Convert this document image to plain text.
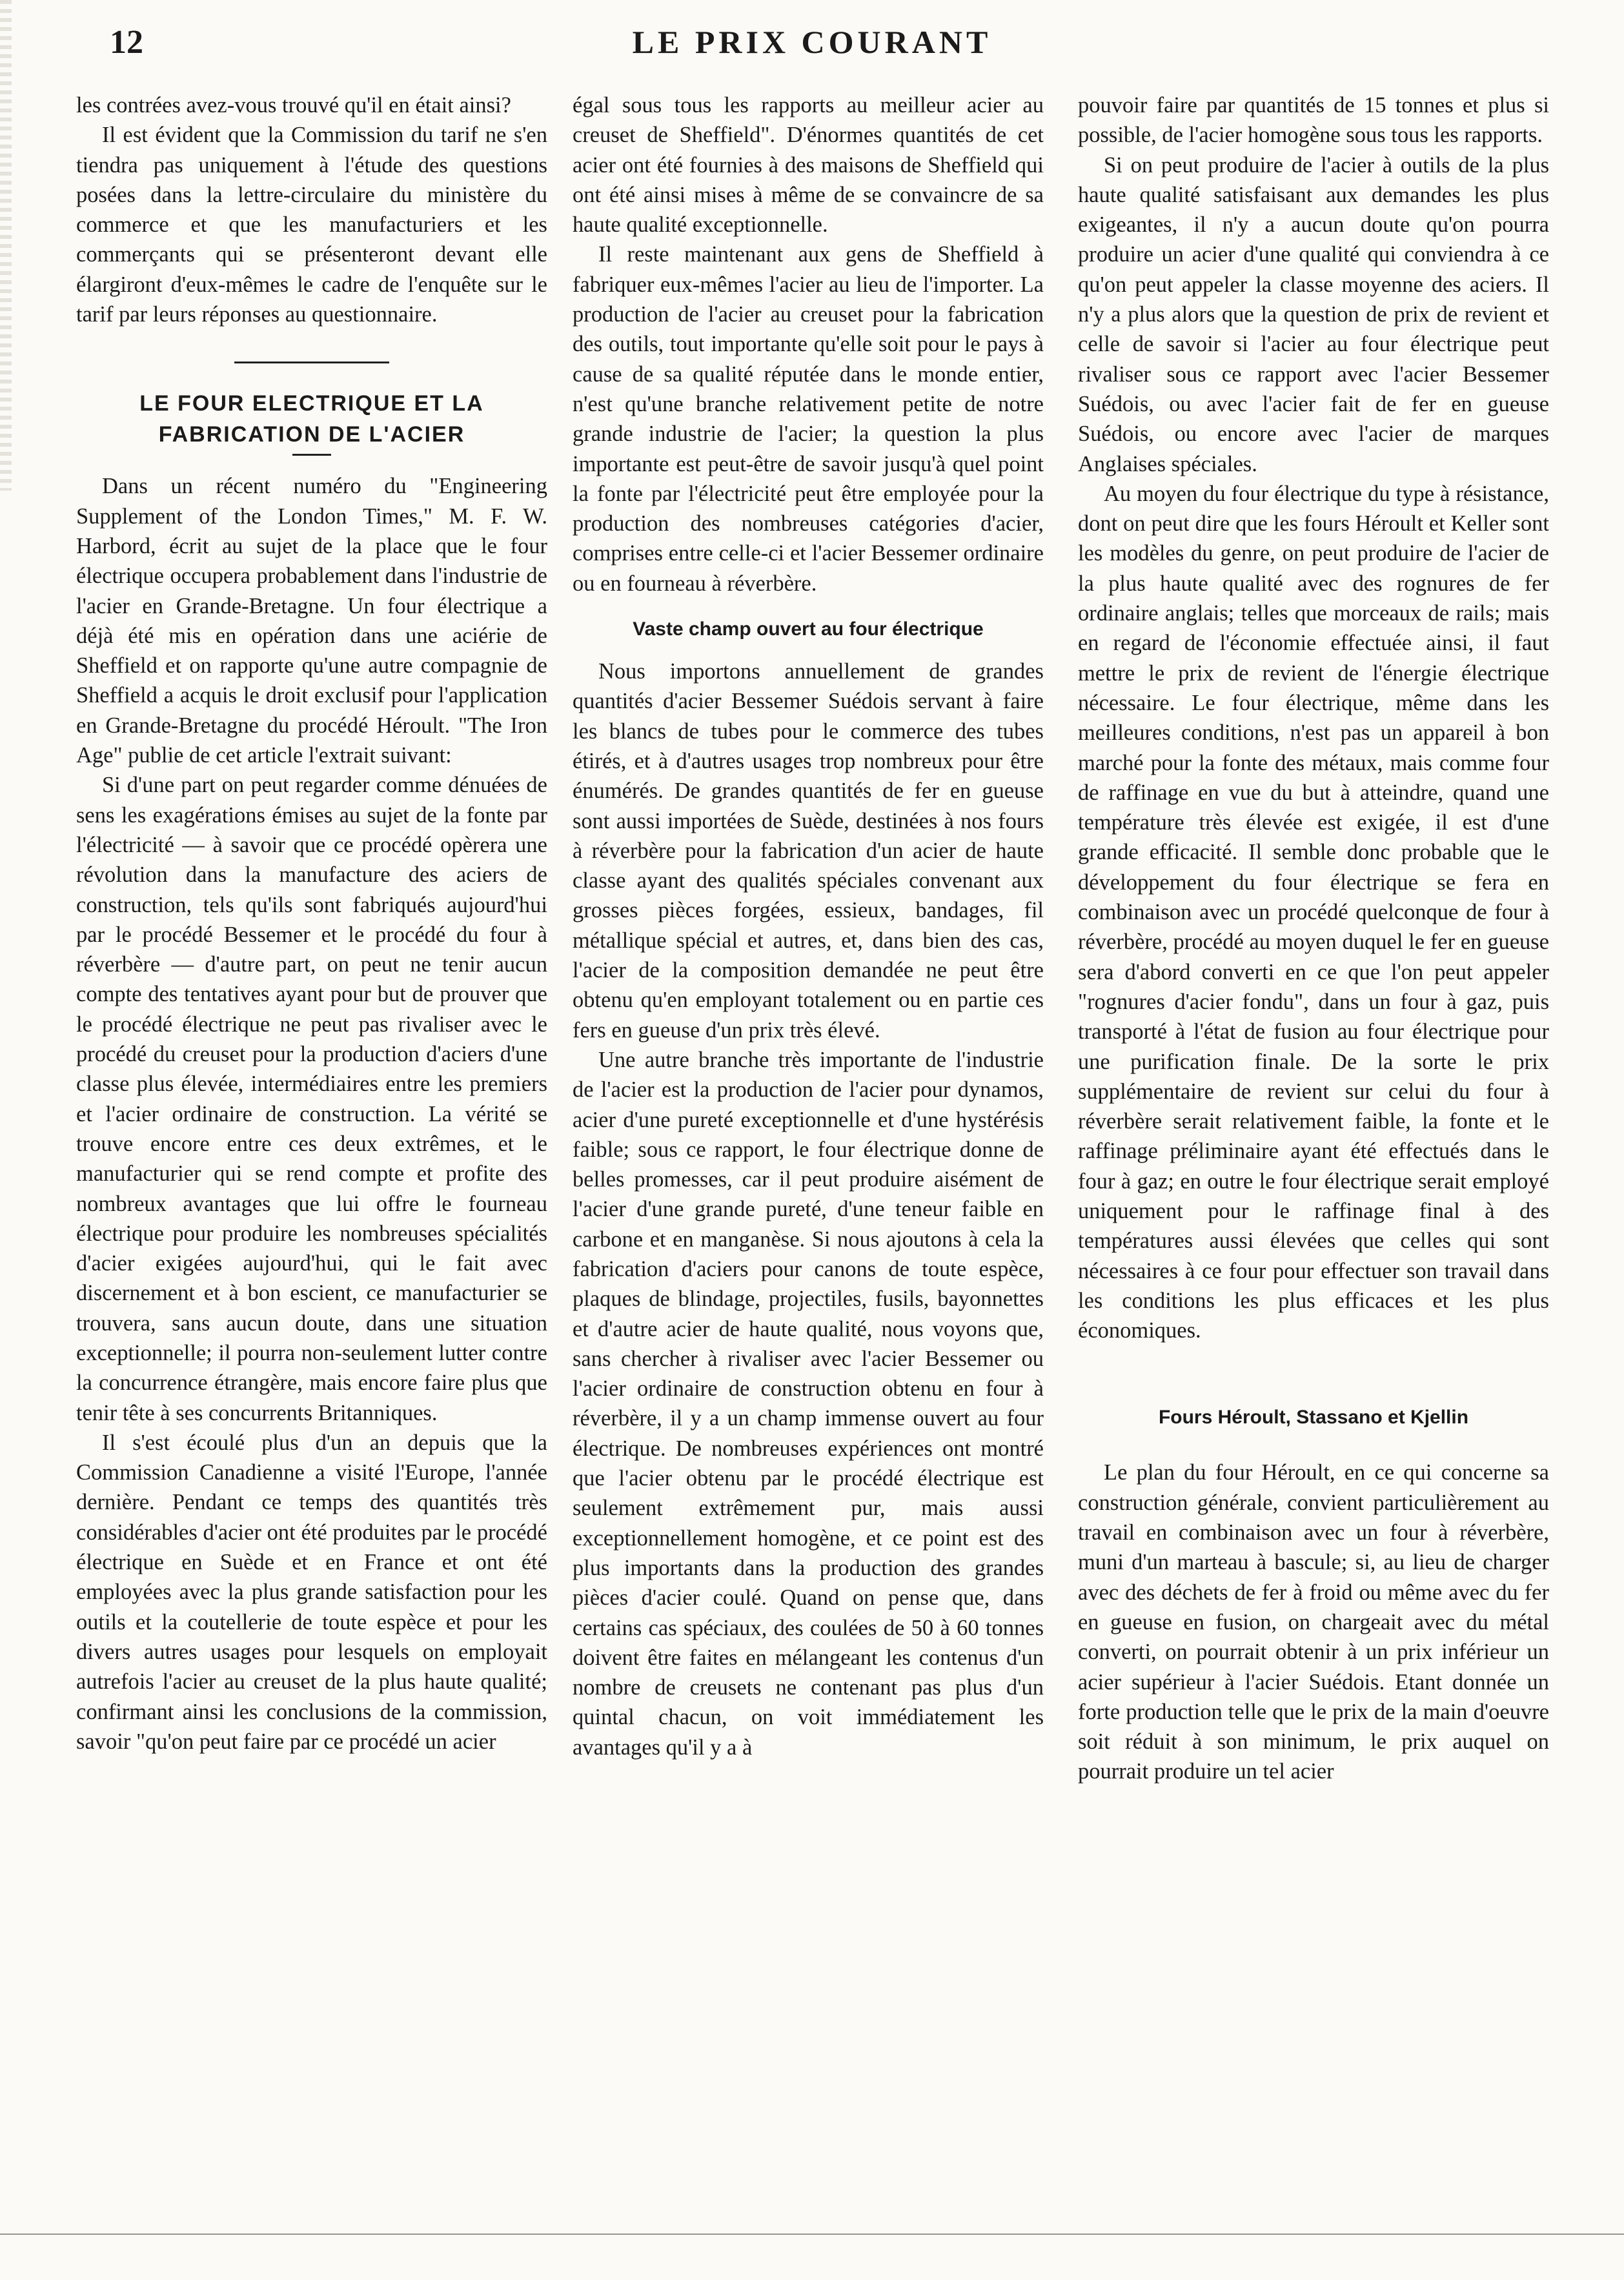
12	LE PRIX COURANT

les contrées avez-vous trouvé qu'il en était ainsi?

Il est évident que la Commission du tarif ne s'en tiendra pas uniquement à l'étude des questions posées dans la lettre-circulaire du ministère du commerce et que les manufacturiers et les commerçants qui se présenteront devant elle élargiront d'eux-mêmes le cadre de l'enquête sur le tarif par leurs réponses au questionnaire.

LE FOUR ELECTRIQUE ET LA FABRICATION DE L'ACIER

Dans un récent numéro du "Engineering Supplement of the London Times," M. F. W. Harbord, écrit au sujet de la place que le four électrique occupera probablement dans l'industrie de l'acier en Grande-Bretagne. Un four électrique a déjà été mis en opération dans une aciérie de Sheffield et on rapporte qu'une autre compagnie de Sheffield a acquis le droit exclusif pour l'application en Grande-Bretagne du procédé Héroult. "The Iron Age" publie de cet article l'extrait suivant:

Si d'une part on peut regarder comme dénuées de sens les exagérations émises au sujet de la fonte par l'électricité — à savoir que ce procédé opèrera une révolution dans la manufacture des aciers de construction, tels qu'ils sont fabriqués aujourd'hui par le procédé Bessemer et le procédé du four à réverbère — d'autre part, on peut ne tenir aucun compte des tentatives ayant pour but de prouver que le procédé électrique ne peut pas rivaliser avec le procédé du creuset pour la production d'aciers d'une classe plus élevée, intermédiaires entre les premiers et l'acier ordinaire de construction. La vérité se trouve encore entre ces deux extrêmes, et le manufacturier qui se rend compte et profite des nombreux avantages que lui offre le fourneau électrique pour produire les nombreuses spécialités d'acier exigées aujourd'hui, qui le fait avec discernement et à bon escient, ce manufacturier se trouvera, sans aucun doute, dans une situation exceptionnelle; il pourra non-seulement lutter contre la concurrence étrangère, mais encore faire plus que tenir tête à ses concurrents Britanniques.

Il s'est écoulé plus d'un an depuis que la Commission Canadienne a visité l'Europe, l'année dernière. Pendant ce temps des quantités très considérables d'acier ont été produites par le procédé électrique en Suède et en France et ont été employées avec la plus grande satisfaction pour les outils et la coutellerie de toute espèce et pour les divers autres usages pour lesquels on employait autrefois l'acier au creuset de la plus haute qualité; confirmant ainsi les conclusions de la commission, savoir "qu'on peut faire par ce procédé un acier

égal sous tous les rapports au meilleur acier au creuset de Sheffield". D'énormes quantités de cet acier ont été fournies à des maisons de Sheffield qui ont été ainsi mises à même de se convaincre de sa haute qualité exceptionnelle.

Il reste maintenant aux gens de Sheffield à fabriquer eux-mêmes l'acier au lieu de l'importer. La production de l'acier au creuset pour la fabrication des outils, tout importante qu'elle soit pour le pays à cause de sa qualité réputée dans le monde entier, n'est qu'une branche relativement petite de notre grande industrie de l'acier; la question la plus importante est peut-être de savoir jusqu'à quel point la fonte par l'électricité peut être employée pour la production des nombreuses catégories d'acier, comprises entre celle-ci et l'acier Bessemer ordinaire ou en fourneau à réverbère.

Vaste champ ouvert au four électrique

Nous importons annuellement de grandes quantités d'acier Bessemer Suédois servant à faire les blancs de tubes pour le commerce des tubes étirés, et à d'autres usages trop nombreux pour être énumérés. De grandes quantités de fer en gueuse sont aussi importées de Suède, destinées à nos fours à réverbère pour la fabrication d'un acier de haute classe ayant des qualités spéciales convenant aux grosses pièces forgées, essieux, bandages, fil métallique spécial et autres, et, dans bien des cas, l'acier de la composition demandée ne peut être obtenu qu'en employant totalement ou en partie ces fers en gueuse d'un prix très élevé.

Une autre branche très importante de l'industrie de l'acier est la production de l'acier pour dynamos, acier d'une pureté exceptionnelle et d'une hystérésis faible; sous ce rapport, le four électrique donne de belles promesses, car il peut produire aisément de l'acier d'une grande pureté, d'une teneur faible en carbone et en manganèse. Si nous ajoutons à cela la fabrication d'aciers pour canons de toute espèce, plaques de blindage, projectiles, fusils, bayonnettes et d'autre acier de haute qualité, nous voyons que, sans chercher à rivaliser avec l'acier Bessemer ou l'acier ordinaire de construction obtenu en four à réverbère, il y a un champ immense ouvert au four électrique. De nombreuses expériences ont montré que l'acier obtenu par le procédé électrique est seulement extrêmement pur, mais aussi exceptionnellement homogène, et ce point est des plus importants dans la production des grandes pièces d'acier coulé. Quand on pense que, dans certains cas spéciaux, des coulées de 50 à 60 tonnes doivent être faites en mélangeant les contenus d'un nombre de creusets ne contenant pas plus d'un quintal chacun, on voit immédiatement les avantages qu'il y a à

pouvoir faire par quantités de 15 tonnes et plus si possible, de l'acier homogène sous tous les rapports.

Si on peut produire de l'acier à outils de la plus haute qualité satisfaisant aux demandes les plus exigeantes, il n'y a aucun doute qu'on pourra produire un acier d'une qualité qui conviendra à ce qu'on peut appeler la classe moyenne des aciers. Il n'y a plus alors que la question de prix de revient et celle de savoir si l'acier au four électrique peut rivaliser sous ce rapport avec l'acier Bessemer Suédois, ou avec l'acier fait de fer en gueuse Suédois, ou encore avec l'acier de marques Anglaises spéciales.

Au moyen du four électrique du type à résistance, dont on peut dire que les fours Héroult et Keller sont les modèles du genre, on peut produire de l'acier de la plus haute qualité avec des rognures de fer ordinaire anglais; telles que morceaux de rails; mais en regard de l'économie effectuée ainsi, il faut mettre le prix de revient de l'énergie électrique nécessaire. Le four électrique, même dans les meilleures conditions, n'est pas un appareil à bon marché pour la fonte des métaux, mais comme four de raffinage en vue du but à atteindre, quand une température très élevée est exigée, il est d'une grande efficacité. Il semble donc probable que le développement du four électrique se fera en combinaison avec un procédé quelconque de four à réverbère, procédé au moyen duquel le fer en gueuse sera d'abord converti en ce que l'on peut appeler "rognures d'acier fondu", dans un four à gaz, puis transporté à l'état de fusion au four électrique pour une purification finale. De la sorte le prix supplémentaire de revient sur celui du four à réverbère serait relativement faible, la fonte et le raffinage préliminaire ayant été effectués dans le four à gaz; en outre le four électrique serait employé uniquement pour le raffinage final à des températures aussi élevées que celles qui sont nécessaires à ce four pour effectuer son travail dans les conditions les plus efficaces et les plus économiques.

Fours Héroult, Stassano et Kjellin

Le plan du four Héroult, en ce qui concerne sa construction générale, convient particulièrement au travail en combinaison avec un four à réverbère, muni d'un marteau à bascule; si, au lieu de charger avec des déchets de fer à froid ou même avec du fer en gueuse en fusion, on chargeait avec du métal converti, on pourrait obtenir à un prix inférieur un acier supérieur à l'acier Suédois. Etant donnée un forte production telle que le prix de la main d'oeuvre soit réduit à son minimum, le prix auquel on pourrait produire un tel acier
